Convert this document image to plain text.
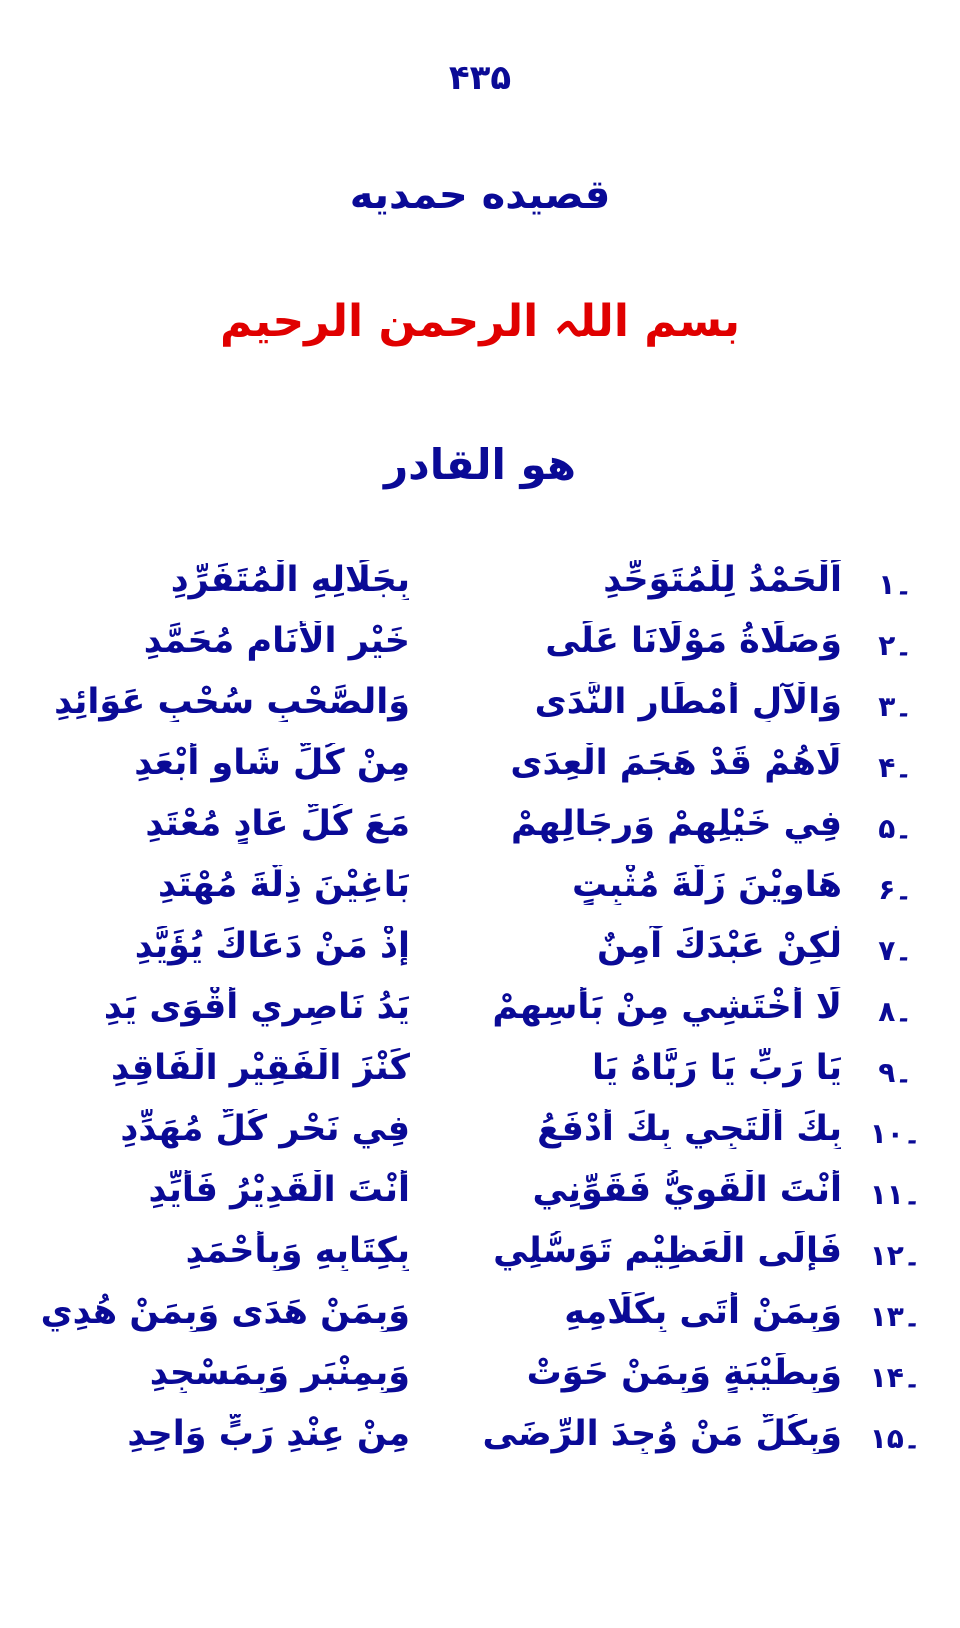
۴۳۵
قصیده حمدیه
بسم اللہ الرحمن الرحیم
هو القادر
۔۱
اَلْحَمْدُ لِلْمُتَوَحِّدِ
بِجَلَالِهِ الْمُتَفَرِّدِ
۔۲
وَصَلَاةُ مَوْلَانَا عَلَى
خَيْرِ الْأَنَامِ مُحَمَّدِ
۔۳
وَالْآلِ أَمْطَارِ النَّدَى
وَالصَّحْبِ سُحْبِ عَوَائِدِ
۔۴
لَاهُمْ قَدْ هَجَمَ الْعِدَى
مِنْ كُلِّ شَاوٍ أَبْعَدِ
۔۵
فِي خَيْلِهِمْ وَرِجَالِهِمْ
مَعَ كُلِّ عَادٍ مُعْتَدِ
۔۶
هَاوِيْنَ زَلَّةَ مُثْبِتٍ
بَاغِيْنَ ذِلَّةَ مُهْتَدِ
۔۷
لٰكِنْ عَبْدَكَ آمِنٌ
إِذْ مَنْ دَعَاكَ يُؤَيَّدِ
۔۸
لَا أَخْتَشِي مِنْ بَأْسِهِمْ
يَدُ نَاصِرِي أَقْوَى يَدِ
۔۹
يَا رَبِّ يَا رَبَّاهُ يَا
كَنْزَ الْفَقِيْرِ الْفَاقِدِ
۔۱۰
بِكَ أَلْتَجِي بِكَ أَدْفَعُ
فِي نَحْرِ كُلِّ مُهَدِّدِ
۔۱۱
أَنْتَ الْقَوِيُّ فَقَوِّنِي
أَنْتَ الْقَدِيْرُ فَأَيِّدِ
۔۱۲
فَإِلَى الْعَظِيْمِ تَوَسُّلِي
بِكِتَابِهِ وَبِأَحْمَدِ
۔۱۳
وَبِمَنْ أَتَى بِكَلَامِهِ
وَبِمَنْ هَدَى وَبِمَنْ هُدِي
۔۱۴
وَبِطَيْبَةٍ وَبِمَنْ حَوَتْ
وَبِمِنْبَرٍ وَبِمَسْجِدِ
۔۱۵
وَبِكُلِّ مَنْ وُجِدَ الرِّضَى
مِنْ عِنْدِ رَبٍّ وَاحِدِ
